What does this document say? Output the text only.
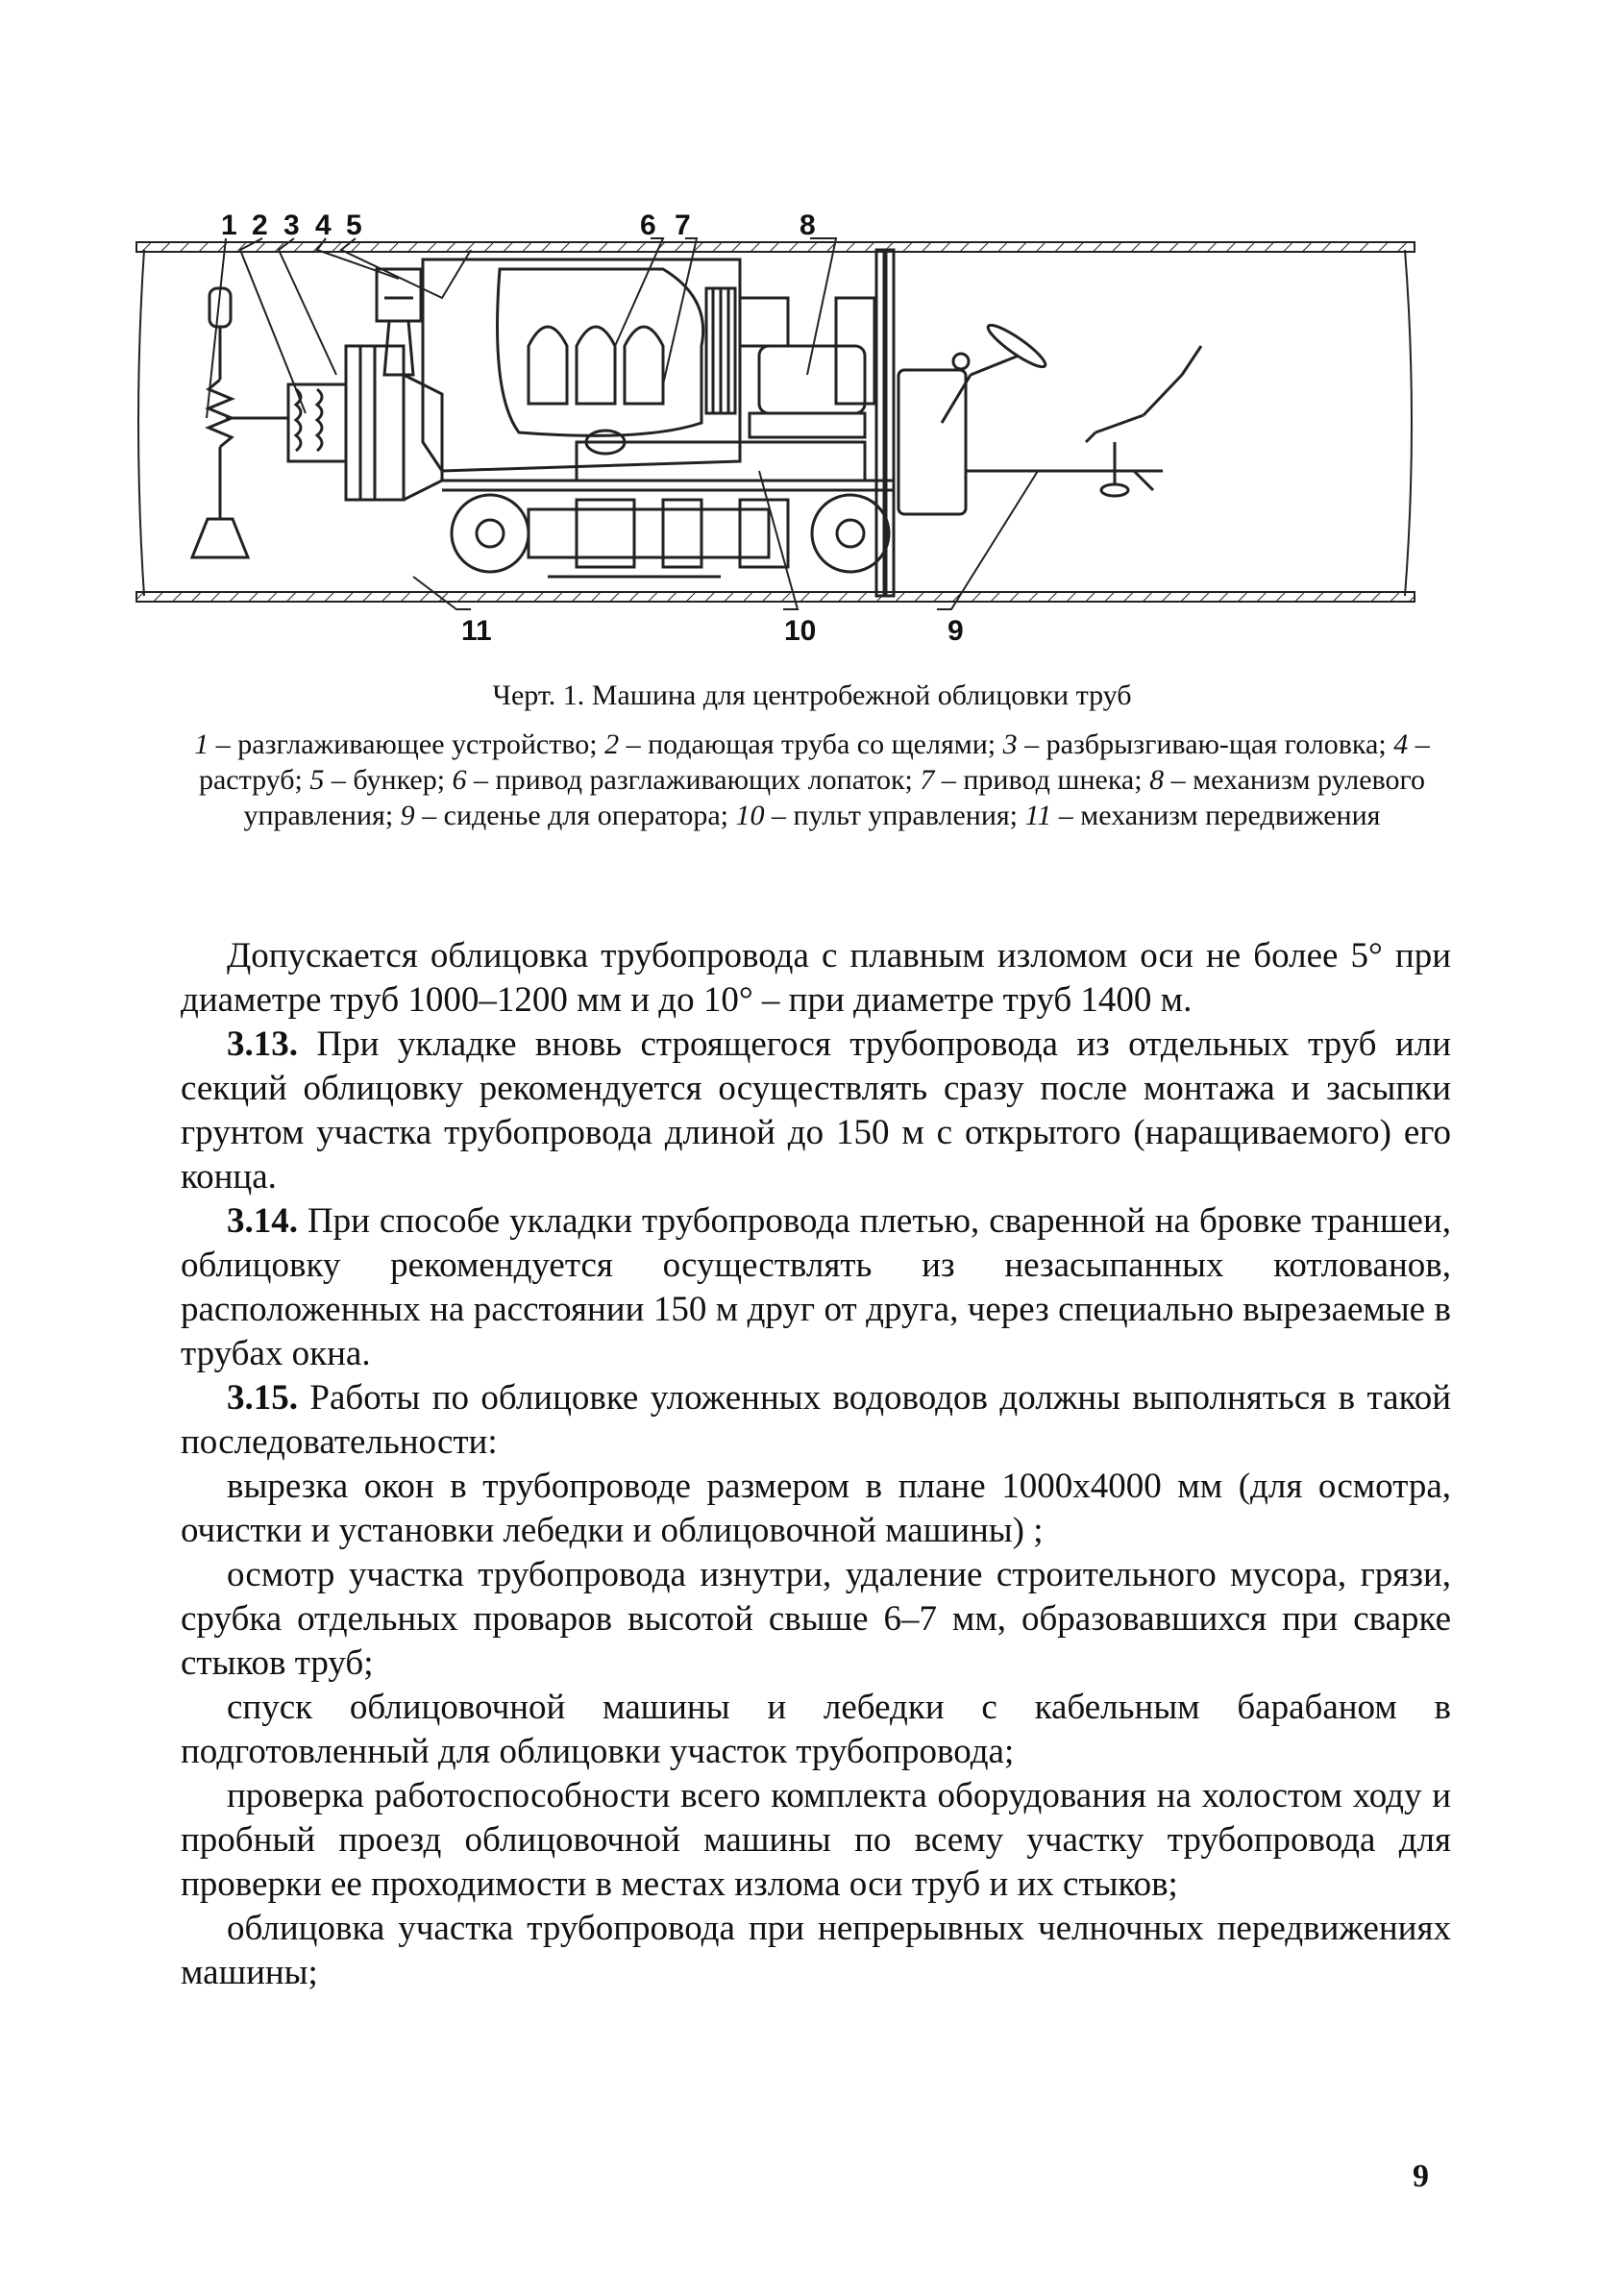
1 2 3 4 5	6 7	8
9
10
11
Черт. 1. Машина для центробежной облицовки труб
1 – разглаживающее устройство; 2 – подающая труба со щелями; 3 – разбрызгиваю-щая головка; 4 – раструб; 5 – бункер; 6 – привод разглаживающих лопаток; 7 – привод шнека; 8 – механизм рулевого управления; 9 – сиденье для оператора; 10 – пульт управления; 11 – механизм передвижения

Допускается облицовка трубопровода с плавным изломом оси не более 5° при диаметре труб 1000–1200 мм и до 10° – при диаметре труб 1400 м.

3.13. При укладке вновь строящегося трубопровода из отдельных труб или секций облицовку рекомендуется осуществлять сразу после монтажа и засыпки грунтом участка трубопровода длиной до 150 м с открытого (наращиваемого) его конца.

3.14. При способе укладки трубопровода плетью, сваренной на бровке траншеи, облицовку рекомендуется осуществлять из незасыпанных котлованов, расположенных на расстоянии 150 м друг от друга, через специально вырезаемые в трубах окна.

3.15. Работы по облицовке уложенных водоводов должны выполняться в такой последовательности:

вырезка окон в трубопроводе размером в плане 1000х4000 мм (для осмотра, очистки и установки лебедки и облицовочной машины) ;

осмотр участка трубопровода изнутри, удаление строительного мусора, грязи, срубка отдельных проваров высотой свыше 6–7 мм, образовавшихся при сварке стыков труб;

спуск облицовочной машины и лебедки с кабельным барабаном в подготовленный для облицовки участок трубопровода;

проверка работоспособности всего комплекта оборудования на холостом ходу и пробный проезд облицовочной машины по всему участку трубопровода для проверки ее проходимости в местах излома оси труб и их стыков;

облицовка участка трубопровода при непрерывных челночных передвижениях машины;

9
